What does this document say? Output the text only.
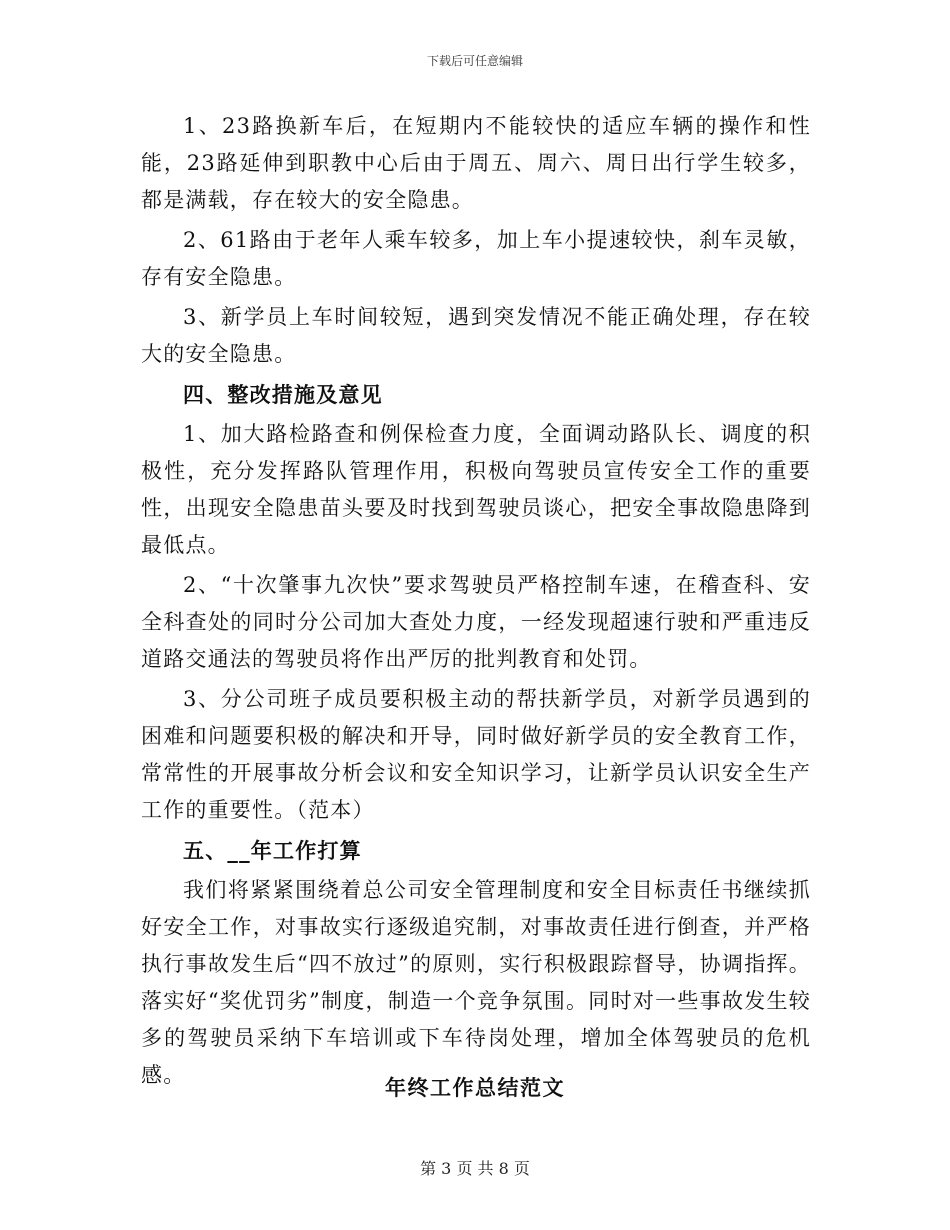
下载后可任意编辑

1、23路换新车后，在短期内不能较快的适应车辆的操作和性能，23路延伸到职教中心后由于周五、周六、周日出行学生较多，都是满载，存在较大的安全隐患。

2、61路由于老年人乘车较多，加上车小提速较快，刹车灵敏，存有安全隐患。

3、新学员上车时间较短，遇到突发情况不能正确处理，存在较大的安全隐患。

四、整改措施及意见

1、加大路检路查和例保检查力度，全面调动路队长、调度的积极性，充分发挥路队管理作用，积极向驾驶员宣传安全工作的重要性，出现安全隐患苗头要及时找到驾驶员谈心，把安全事故隐患降到最低点。

2、“十次肇事九次快”要求驾驶员严格控制车速，在稽查科、安全科查处的同时分公司加大查处力度，一经发现超速行驶和严重违反道路交通法的驾驶员将作出严厉的批判教育和处罚。

3、分公司班子成员要积极主动的帮扶新学员，对新学员遇到的困难和问题要积极的解决和开导，同时做好新学员的安全教育工作，常常性的开展事故分析会议和安全知识学习，让新学员认识安全生产工作的重要性。（范本）

五、__年工作打算

我们将紧紧围绕着总公司安全管理制度和安全目标责任书继续抓好安全工作，对事故实行逐级追究制，对事故责任进行倒查，并严格执行事故发生后“四不放过”的原则，实行积极跟踪督导，协调指挥。落实好“奖优罚劣”制度，制造一个竞争氛围。同时对一些事故发生较多的驾驶员采纳下车培训或下车待岗处理，增加全体驾驶员的危机感。	年终工作总结范文
第 3 页 共 8 页
